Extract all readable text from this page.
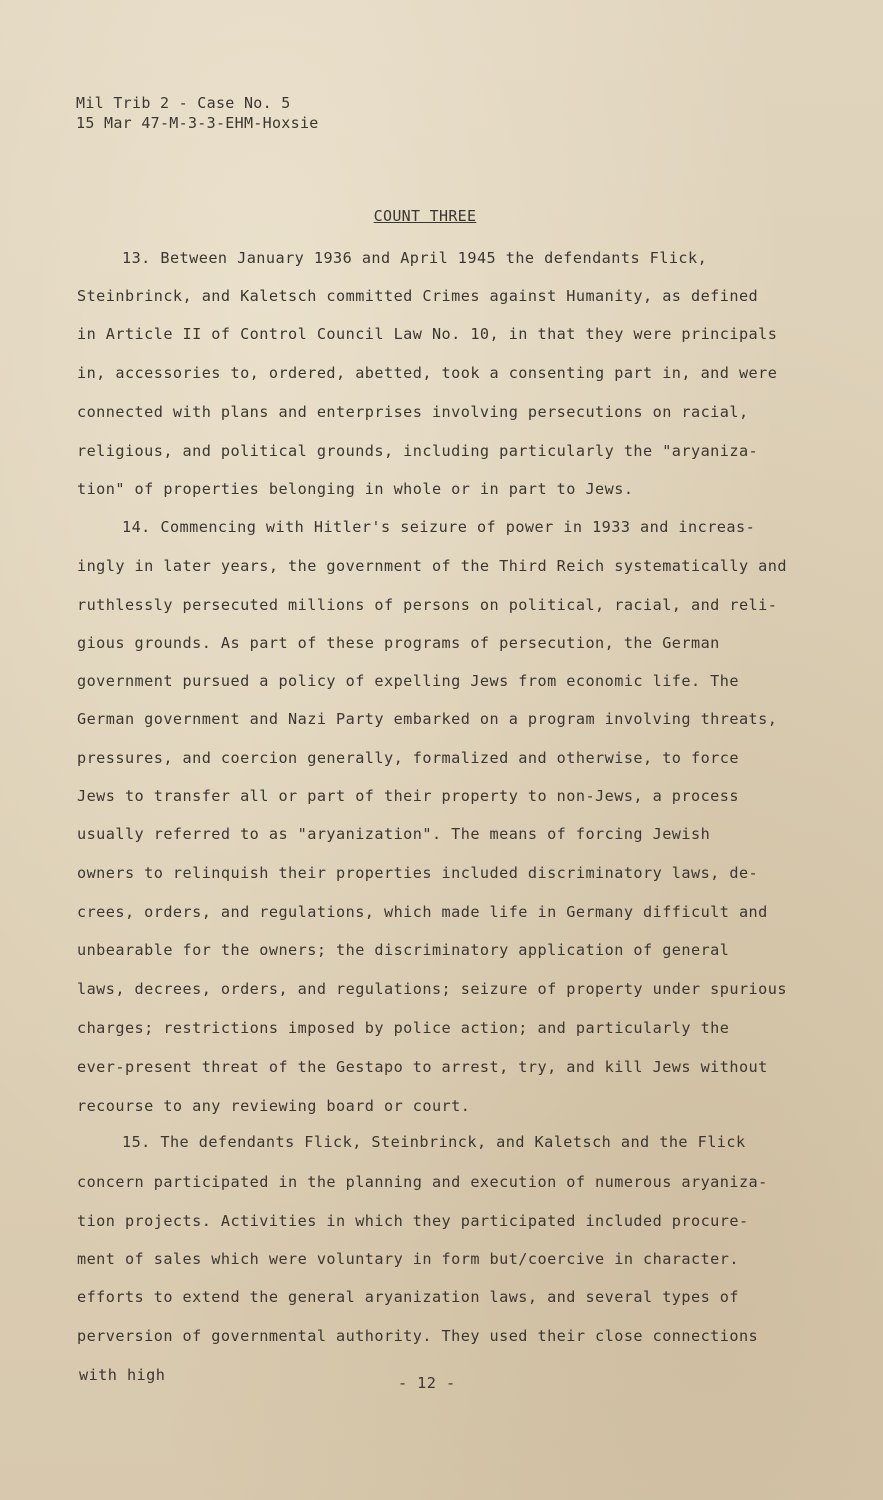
Mil Trib 2 - Case No. 5
15 Mar 47-M-3-3-EHM-Hoxsie
COUNT THREE
13. Between January 1936 and April 1945 the defendants Flick,
Steinbrinck, and Kaletsch committed Crimes against Humanity, as defined
in Article II of Control Council Law No. 10, in that they were principals
in, accessories to, ordered, abetted, took a consenting part in, and were
connected with plans and enterprises involving persecutions on racial,
religious, and political grounds, including particularly the "aryaniza-
tion" of properties belonging in whole or in part to Jews.
14. Commencing with Hitler's seizure of power in 1933 and increas-
ingly in later years, the government of the Third Reich systematically and
ruthlessly persecuted millions of persons on political, racial, and reli-
gious grounds. As part of these programs of persecution, the German
government pursued a policy of expelling Jews from economic life. The
German government and Nazi Party embarked on a program involving threats,
pressures, and coercion generally, formalized and otherwise, to force
Jews to transfer all or part of their property to non-Jews, a process
usually referred to as "aryanization". The means of forcing Jewish
owners to relinquish their properties included discriminatory laws, de-
crees, orders, and regulations, which made life in Germany difficult and
unbearable for the owners; the discriminatory application of general
laws, decrees, orders, and regulations; seizure of property under spurious
charges; restrictions imposed by police action; and particularly the
ever-present threat of the Gestapo to arrest, try, and kill Jews without
recourse to any reviewing board or court.
15. The defendants Flick, Steinbrinck, and Kaletsch and the Flick
concern participated in the planning and execution of numerous aryaniza-
tion projects. Activities in which they participated included procure-
ment of sales which were voluntary in form but/coercive in character.
efforts to extend the general aryanization laws, and several types of
perversion of governmental authority. They used their close connections
with high	- 12 -
